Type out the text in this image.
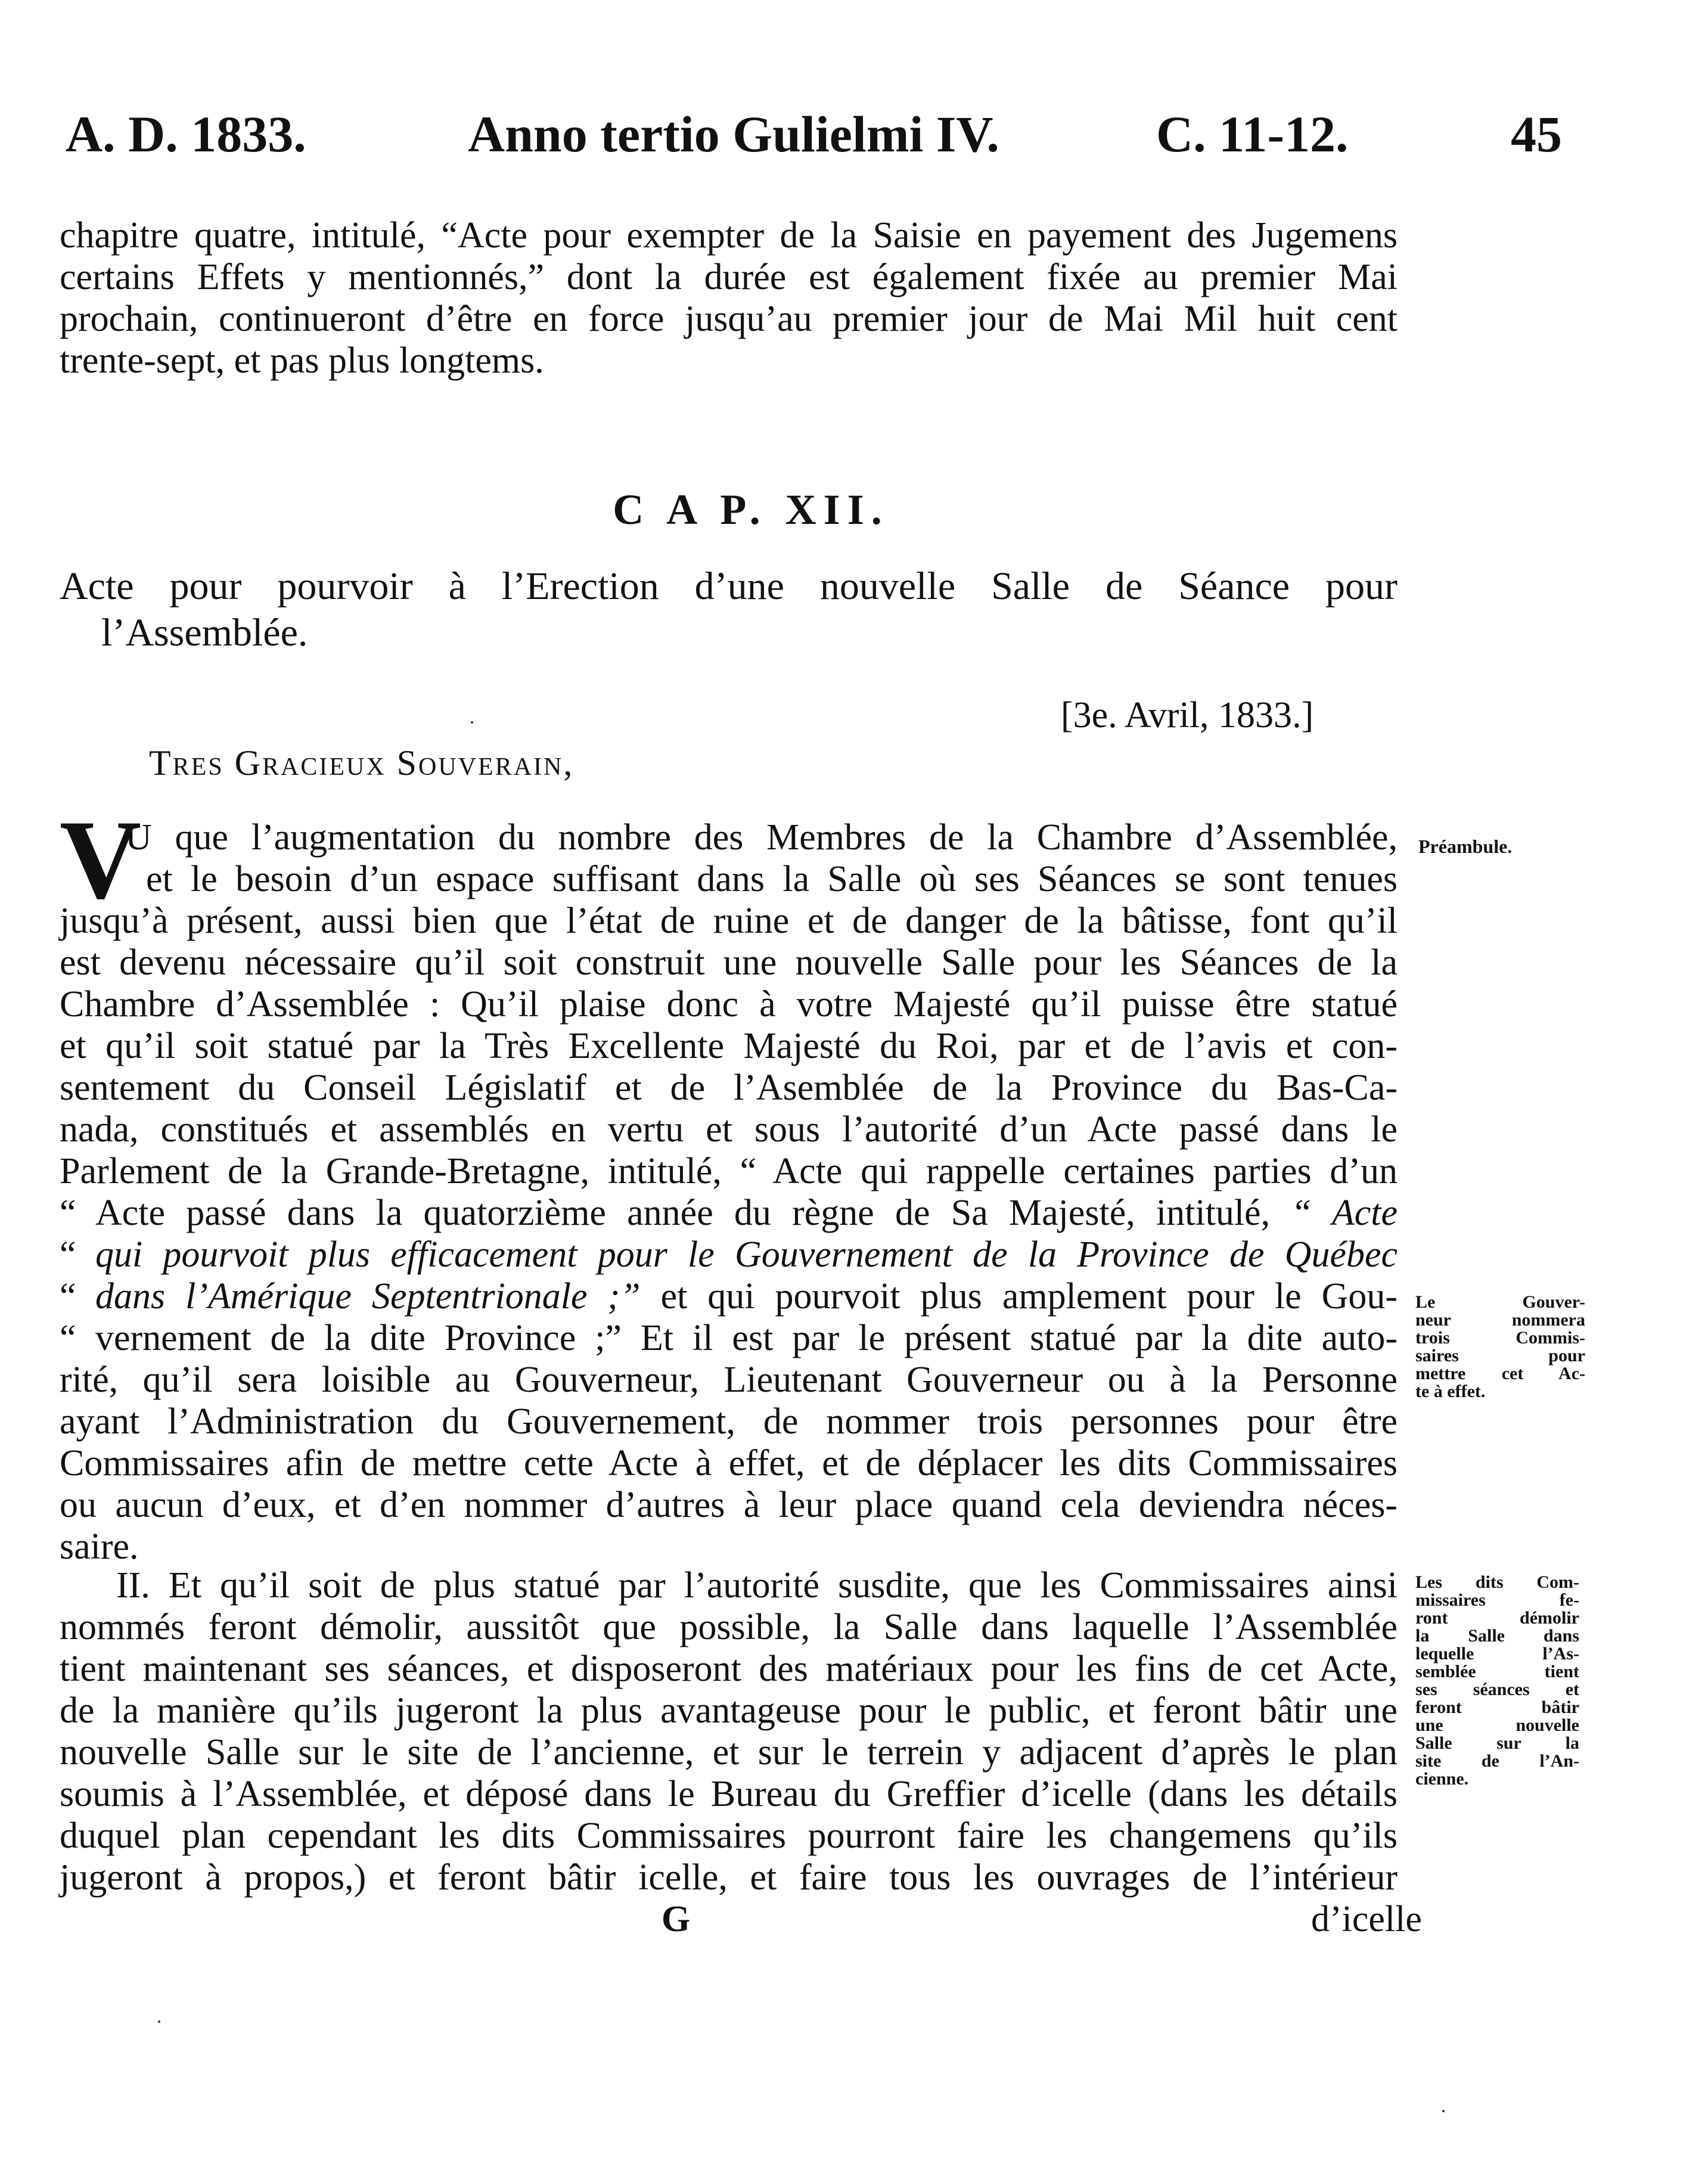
A. D. 1833.	Anno tertio Gulielmi IV.	C. 11-12.	45
chapitre quatre, intitulé, “Acte pour exempter de la Saisie en payement des Jugemens
certains Effets y mentionnés,” dont la durée est également fixée au premier Mai
prochain, continueront d’être en force jusqu’au premier jour de Mai Mil huit cent
trente-sept, et pas plus longtems.
C A P. XII.
Acte pour pourvoir à l’Erection d’une nouvelle Salle de Séance pour
l’Assemblée.
[3e. Avril, 1833.]
Tres Gracieux Souverain,
V
U que l’augmentation du nombre des Membres de la Chambre d’Assemblée,
et le besoin d’un espace suffisant dans la Salle où ses Séances se sont tenues
jusqu’à présent, aussi bien que l’état de ruine et de danger de la bâtisse, font qu’il
est devenu nécessaire qu’il soit construit une nouvelle Salle pour les Séances de la
Chambre d’Assemblée : Qu’il plaise donc à votre Majesté qu’il puisse être statué
et qu’il soit statué par la Très Excellente Majesté du Roi, par et de l’avis et con-
sentement du Conseil Législatif et de l’Asemblée de la Province du Bas-Ca-
nada, constitués et assemblés en vertu et sous l’autorité d’un Acte passé dans le
Parlement de la Grande-Bretagne, intitulé, “ Acte qui rappelle certaines parties d’un
“ Acte passé dans la quatorzième année du règne de Sa Majesté, intitulé, “ Acte
“ qui pourvoit plus efficacement pour le Gouvernement de la Province de Québec
“ dans l’Amérique Septentrionale ;” et qui pourvoit plus amplement pour le Gou-
“ vernement de la dite Province ;” Et il est par le présent statué par la dite auto-
rité, qu’il sera loisible au Gouverneur, Lieutenant Gouverneur ou à la Personne
ayant l’Administration du Gouvernement, de nommer trois personnes pour être
Commissaires afin de mettre cette Acte à effet, et de déplacer les dits Commissaires
ou aucun d’eux, et d’en nommer d’autres à leur place quand cela deviendra néces-
saire.
II. Et qu’il soit de plus statué par l’autorité susdite, que les Commissaires ainsi
nommés feront démolir, aussitôt que possible, la Salle dans laquelle l’Assemblée
tient maintenant ses séances, et disposeront des matériaux pour les fins de cet Acte,
de la manière qu’ils jugeront la plus avantageuse pour le public, et feront bâtir une
nouvelle Salle sur le site de l’ancienne, et sur le terrein y adjacent d’après le plan
soumis à l’Assemblée, et déposé dans le Bureau du Greffier d’icelle (dans les détails
duquel plan cependant les dits Commissaires pourront faire les changemens qu’ils
jugeront à propos,) et feront bâtir icelle, et faire tous les ouvrages de l’intérieur
G	d’icelle
Préambule.
Le Gouver-
neur nommera
trois Commis-
saires pour
mettre cet Ac-
te à effet.
Les dits Com-
missaires fe-
ront démolir
la Salle dans
lequelle l’As-
semblée tient
ses séances et
feront bâtir
une nouvelle
Salle sur la
site de l’An-
cienne.
